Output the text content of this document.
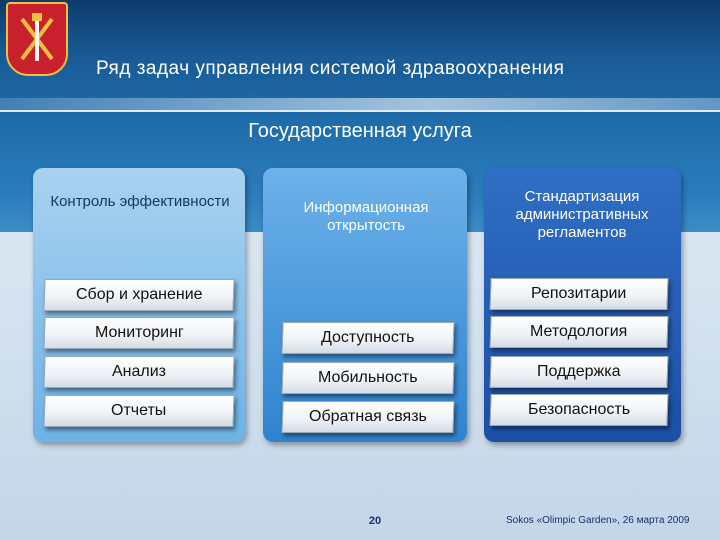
Ряд задач управления системой здравоохранения
Государственная услуга
Контроль эффективности	Информационная открытость
Стандартизация административных регламентов
Сбор и хранение
Мониторинг
Анализ
Отчеты
Доступность
Мобильность
Обратная связь
Репозитарии
Методология
Поддержка
Безопасность
20	Sokos «Olimpic Garden», 26 марта 2009
